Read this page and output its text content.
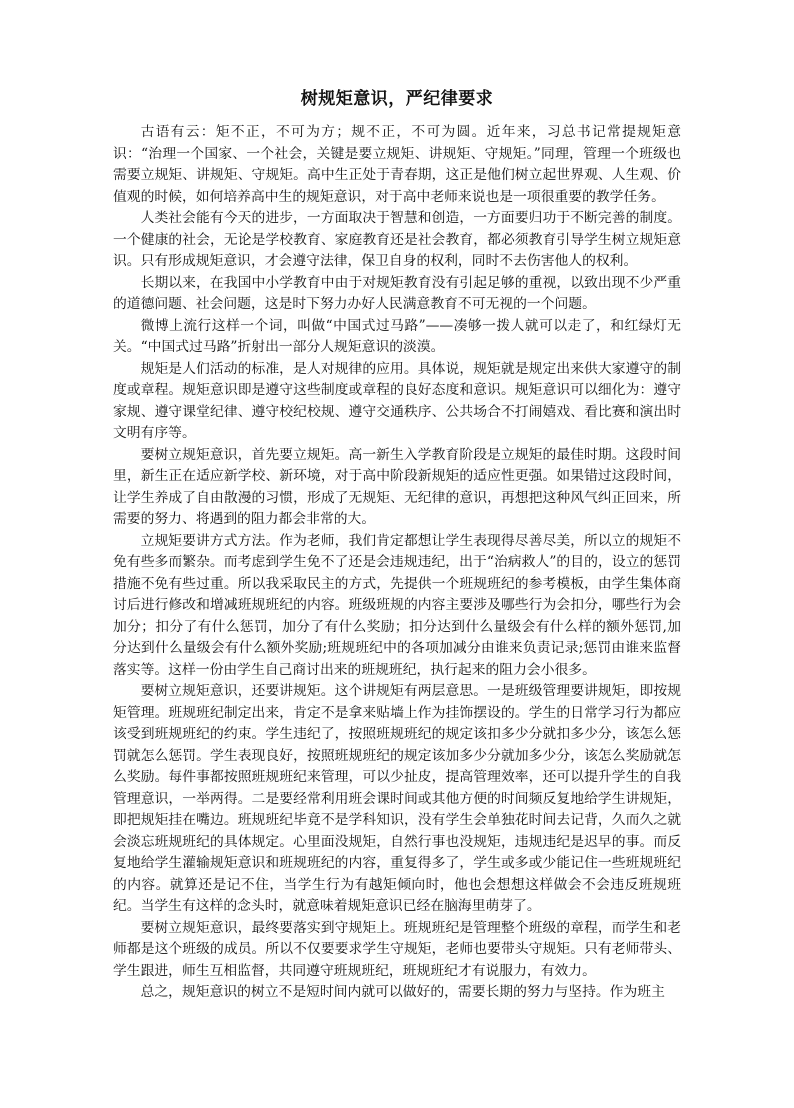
树规矩意识，严纪律要求

古语有云：矩不正，不可为方；规不正，不可为圆。近年来，习总书记常提规矩意识：“治理一个国家、一个社会，关键是要立规矩、讲规矩、守规矩。”同理，管理一个班级也需要立规矩、讲规矩、守规矩。高中生正处于青春期，这正是他们树立起世界观、人生观、价值观的时候，如何培养高中生的规矩意识，对于高中老师来说也是一项很重要的教学任务。

人类社会能有今天的进步，一方面取决于智慧和创造，一方面要归功于不断完善的制度。一个健康的社会，无论是学校教育、家庭教育还是社会教育，都必须教育引导学生树立规矩意识。只有形成规矩意识，才会遵守法律，保卫自身的权利，同时不去伤害他人的权利。

长期以来，在我国中小学教育中由于对规矩教育没有引起足够的重视，以致出现不少严重的道德问题、社会问题，这是时下努力办好人民满意教育不可无视的一个问题。

微博上流行这样一个词，叫做“中国式过马路”——凑够一拨人就可以走了，和红绿灯无关。“中国式过马路”折射出一部分人规矩意识的淡漠。

规矩是人们活动的标准，是人对规律的应用。具体说，规矩就是规定出来供大家遵守的制度或章程。规矩意识即是遵守这些制度或章程的良好态度和意识。规矩意识可以细化为：遵守家规、遵守课堂纪律、遵守校纪校规、遵守交通秩序、公共场合不打闹嬉戏、看比赛和演出时文明有序等。

要树立规矩意识，首先要立规矩。高一新生入学教育阶段是立规矩的最佳时期。这段时间里，新生正在适应新学校、新环境，对于高中阶段新规矩的适应性更强。如果错过这段时间，让学生养成了自由散漫的习惯，形成了无规矩、无纪律的意识，再想把这种风气纠正回来，所需要的努力、将遇到的阻力都会非常的大。

立规矩要讲方式方法。作为老师，我们肯定都想让学生表现得尽善尽美，所以立的规矩不免有些多而繁杂。而考虑到学生免不了还是会违规违纪，出于“治病救人”的目的，设立的惩罚措施不免有些过重。所以我采取民主的方式，先提供一个班规班纪的参考模板，由学生集体商讨后进行修改和增减班规班纪的内容。班级班规的内容主要涉及哪些行为会扣分，哪些行为会加分；扣分了有什么惩罚，加分了有什么奖励；扣分达到什么量级会有什么样的额外惩罚,加分达到什么量级会有什么额外奖励;班规班纪中的各项加减分由谁来负责记录;惩罚由谁来监督落实等。这样一份由学生自己商讨出来的班规班纪，执行起来的阻力会小很多。

要树立规矩意识，还要讲规矩。这个讲规矩有两层意思。一是班级管理要讲规矩，即按规矩管理。班规班纪制定出来，肯定不是拿来贴墙上作为挂饰摆设的。学生的日常学习行为都应该受到班规班纪的约束。学生违纪了，按照班规班纪的规定该扣多少分就扣多少分，该怎么惩罚就怎么惩罚。学生表现良好，按照班规班纪的规定该加多少分就加多少分，该怎么奖励就怎么奖励。每件事都按照班规班纪来管理，可以少扯皮，提高管理效率，还可以提升学生的自我管理意识，一举两得。二是要经常利用班会课时间或其他方便的时间频反复地给学生讲规矩，即把规矩挂在嘴边。班规班纪毕竟不是学科知识，没有学生会单独花时间去记背，久而久之就会淡忘班规班纪的具体规定。心里面没规矩，自然行事也没规矩，违规违纪是迟早的事。而反复地给学生灌输规矩意识和班规班纪的内容，重复得多了，学生或多或少能记住一些班规班纪的内容。就算还是记不住，当学生行为有越矩倾向时，他也会想想这样做会不会违反班规班纪。当学生有这样的念头时，就意味着规矩意识已经在脑海里萌芽了。

要树立规矩意识，最终要落实到守规矩上。班规班纪是管理整个班级的章程，而学生和老师都是这个班级的成员。所以不仅要要求学生守规矩，老师也要带头守规矩。只有老师带头、学生跟进，师生互相监督，共同遵守班规班纪，班规班纪才有说服力，有效力。

总之，规矩意识的树立不是短时间内就可以做好的，需要长期的努力与坚持。作为班主
